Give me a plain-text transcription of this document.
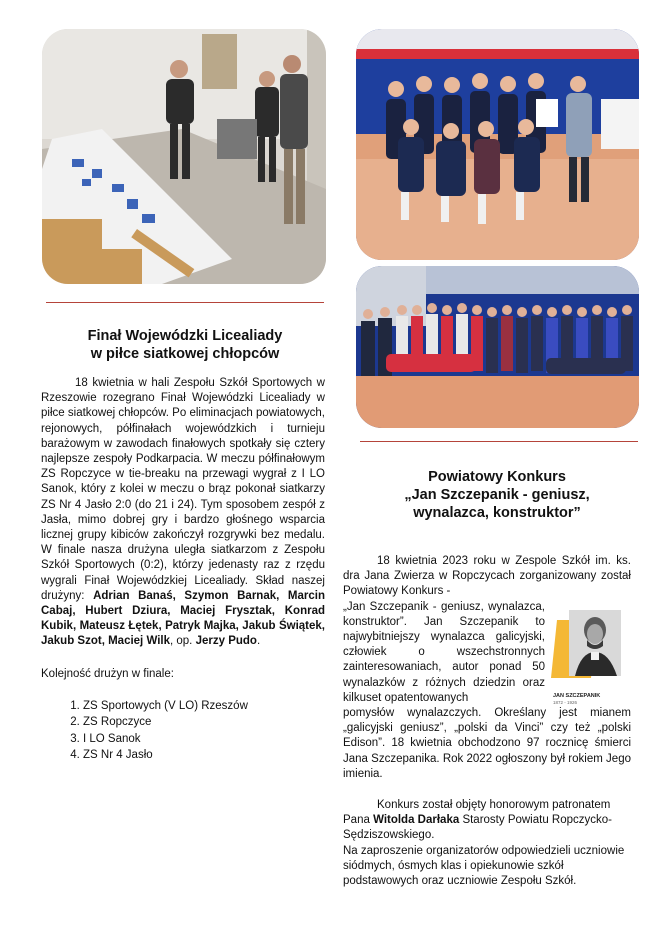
Finał Wojewódzki Licealiady
w piłce siatkowej chłopców

18 kwietnia w hali Zespołu Szkół Sportowych w Rzeszowie rozegrano Finał Wojewódzki Licealiady w piłce siatkowej chłopców. Po eliminacjach powiatowych, rejonowych, półfinałach wojewódzkich i turnieju barażowym w zawodach finałowych spotkały się cztery najlepsze zespoły Podkarpacia. W meczu półfinałowym ZS Ropczyce w tie-breaku na przewagi wygrał z I LO Sanok, który z kolei w meczu o brąz pokonał siatkarzy ZS Nr 4 Jasło 2:0 (do 21 i 24). Tym sposobem zespół z Jasła, mimo dobrej gry i bardzo głośnego wsparcia licznej grupy kibiców zakończył rozgrywki bez medalu. W finale nasza drużyna uległa siatkarzom z Zespołu Szkół Sportowych (0:2), którzy jedenasty raz z rzędu wygrali Finał Wojewódzkiej Licealiady. Skład naszej drużyny: Adrian Banaś, Szymon Barnak, Marcin Cabaj, Hubert Dziura, Maciej Frysztak, Konrad Kubik, Mateusz Łętek, Patryk Majka, Jakub Świątek, Jakub Szot, Maciej Wilk, op. Jerzy Pudo.

Kolejność drużyn w finale:

1. ZS Sportowych (V LO) Rzeszów
2. ZS Ropczyce
3. I LO Sanok
4. ZS Nr 4 Jasło
Powiatowy Konkurs
„Jan Szczepanik - geniusz,
wynalazca, konstruktor”

18 kwietnia 2023 roku w Zespole Szkół im. ks. dra Jana Zwierza w Ropczycach zorganizowany został Powiatowy Konkurs -

JAN SZCZEPANIK
1872 - 1926

„Jan Szczepanik - geniusz, wynalazca, konstruktor”. Jan Szczepanik to najwybitniejszy wynalazca galicyjski, człowiek o wszechstronnych zainteresowaniach, autor ponad 50 wynalazków z różnych dziedzin oraz kilkuset opatentowanych

pomysłów wynalazczych. Określany jest mianem „galicyjski geniusz”, „polski da Vinci” czy też „polski Edison”. 18 kwietnia obchodzono 97 rocznicę śmierci Jana Szczepanika. Rok 2022 ogłoszony był rokiem Jego imienia.

Konkurs został objęty honorowym patronatem Pana Witolda Darłaka Starosty Powiatu Ropczycko-Sędziszowskiego.

Na zaproszenie organizatorów odpowiedzieli uczniowie siódmych, ósmych klas i opiekunowie szkół podstawowych oraz uczniowie Zespołu Szkół.
